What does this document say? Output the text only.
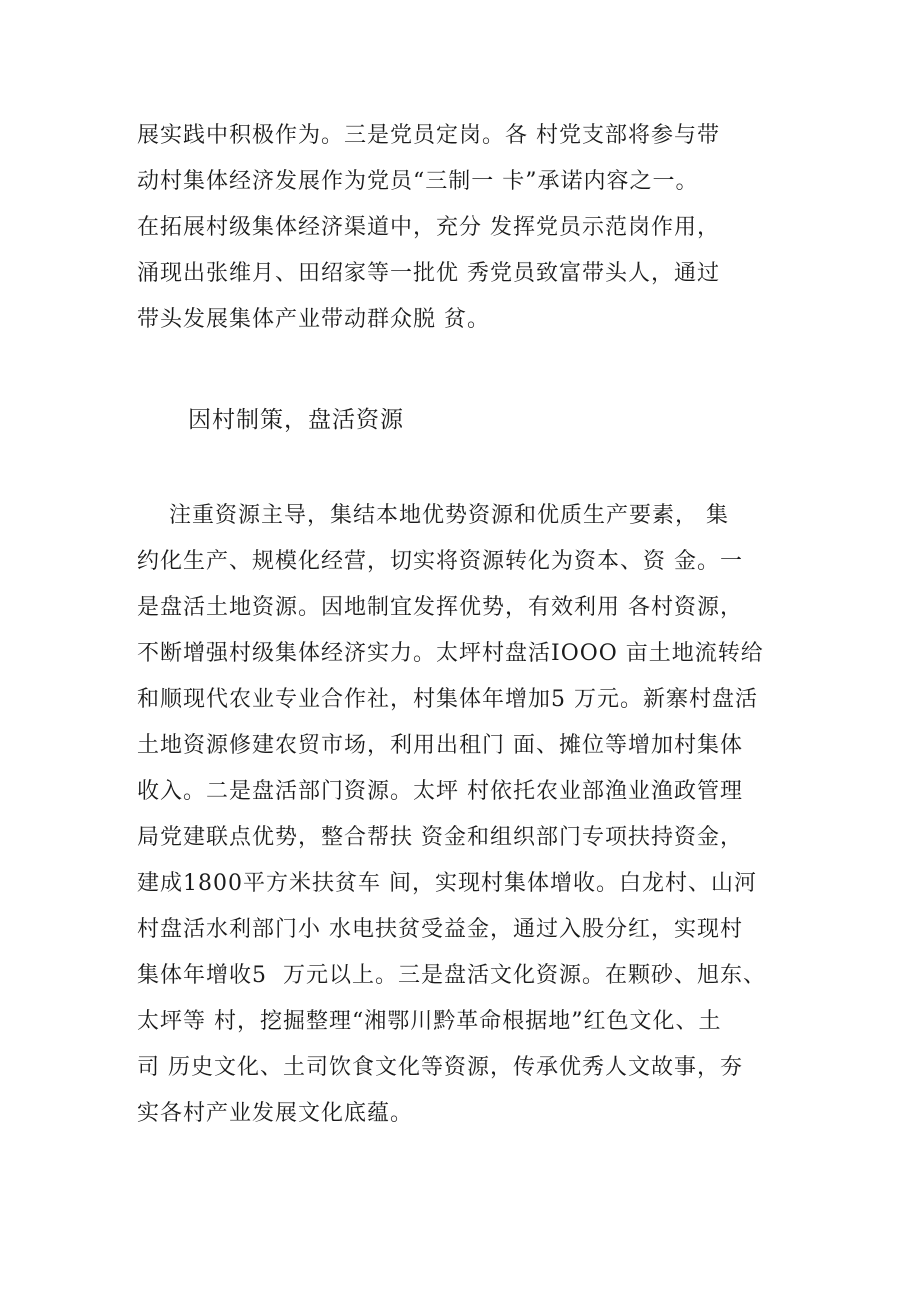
展实践中积极作为。三是党员定岗。各 村党支部将参与带
动村集体经济发展作为党员“三制一 卡”承诺内容之一。
在拓展村级集体经济渠道中，充分 发挥党员示范岗作用，
涌现出张维月、田绍家等一批优 秀党员致富带头人，通过
带头发展集体产业带动群众脱 贫。
因村制策，盘活资源
注重资源主导，集结本地优势资源和优质生产要素， 集
约化生产、规模化经营，切实将资源转化为资本、资 金。一
是盘活土地资源。因地制宜发挥优势，有效利用 各村资源，
不断增强村级集体经济实力。太坪村盘活IOOO 亩土地流转给
和顺现代农业专业合作社，村集体年增加5 万元。新寨村盘活
土地资源修建农贸市场，利用出租门 面、摊位等增加村集体
收入。二是盘活部门资源。太坪 村依托农业部渔业渔政管理
局党建联点优势，整合帮扶 资金和组织部门专项扶持资金，
建成1800平方米扶贫车 间，实现村集体增收。白龙村、山河
村盘活水利部门小 水电扶贫受益金，通过入股分红，实现村
集体年增收5  万元以上。三是盘活文化资源。在颗砂、旭东、
太坪等 村，挖掘整理“湘鄂川黔革命根据地”红色文化、土
司 历史文化、土司饮食文化等资源，传承优秀人文故事，夯
实各村产业发展文化底蕴。
